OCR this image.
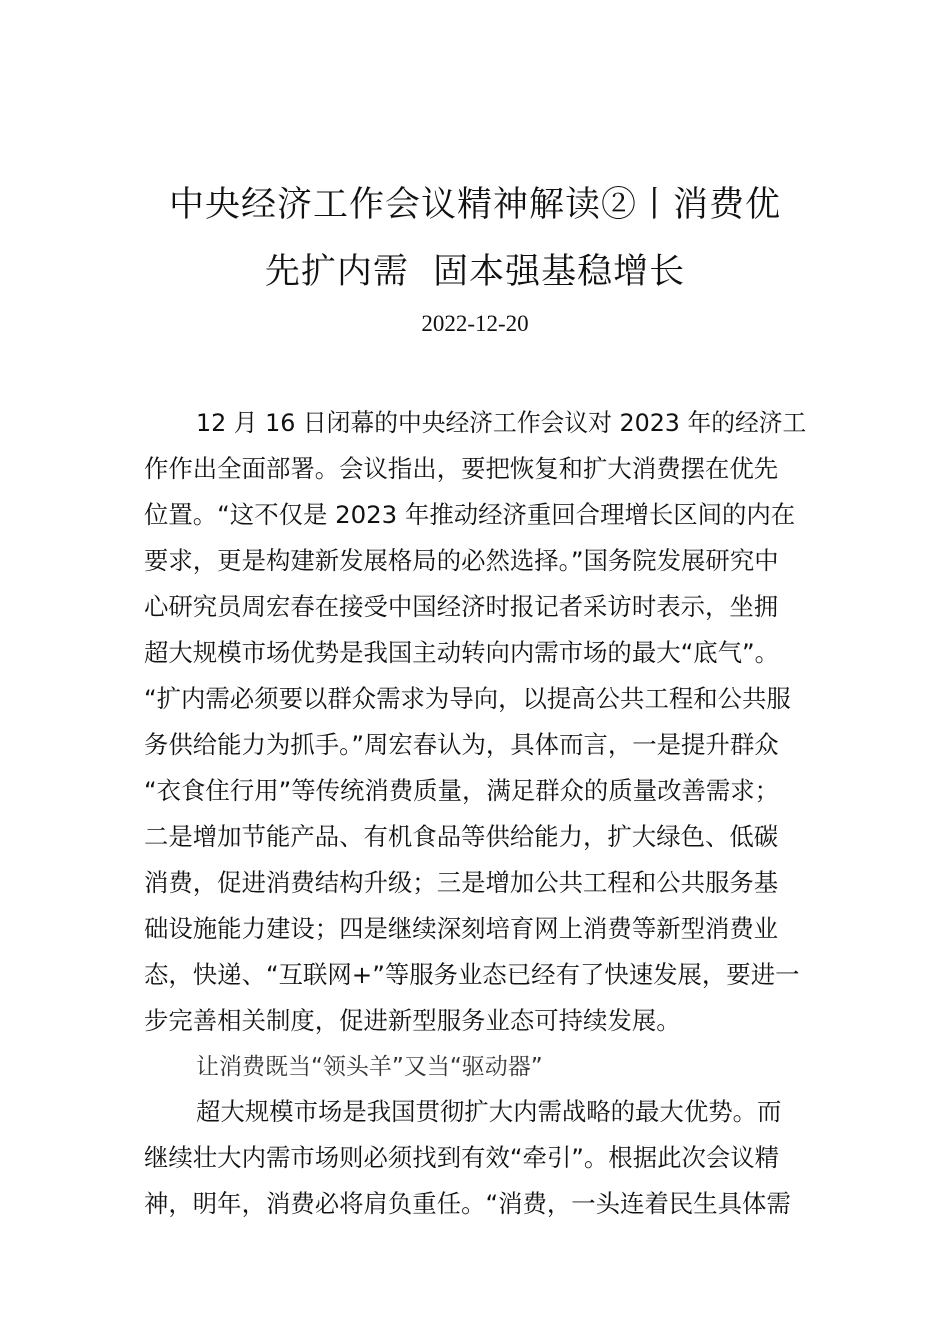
中央经济工作会议精神解读②丨消费优
先扩内需  固本强基稳增长
2022-12-20
12 月 16 日闭幕的中央经济工作会议对 2023 年的经济工
作作出全面部署。会议指出，要把恢复和扩大消费摆在优先
位置。“这不仅是 2023 年推动经济重回合理增长区间的内在
要求，更是构建新发展格局的必然选择。”国务院发展研究中
心研究员周宏春在接受中国经济时报记者采访时表示，坐拥
超大规模市场优势是我国主动转向内需市场的最大“底气”。
“扩内需必须要以群众需求为导向，以提高公共工程和公共服
务供给能力为抓手。”周宏春认为，具体而言，一是提升群众
“衣食住行用”等传统消费质量，满足群众的质量改善需求；
二是增加节能产品、有机食品等供给能力，扩大绿色、低碳
消费，促进消费结构升级；三是增加公共工程和公共服务基
础设施能力建设；四是继续深刻培育网上消费等新型消费业
态，快递、“互联网+”等服务业态已经有了快速发展，要进一
步完善相关制度，促进新型服务业态可持续发展。
让消费既当“领头羊”又当“驱动器”
超大规模市场是我国贯彻扩大内需战略的最大优势。而
继续壮大内需市场则必须找到有效“牵引”。根据此次会议精
神，明年，消费必将肩负重任。“消费，一头连着民生具体需
